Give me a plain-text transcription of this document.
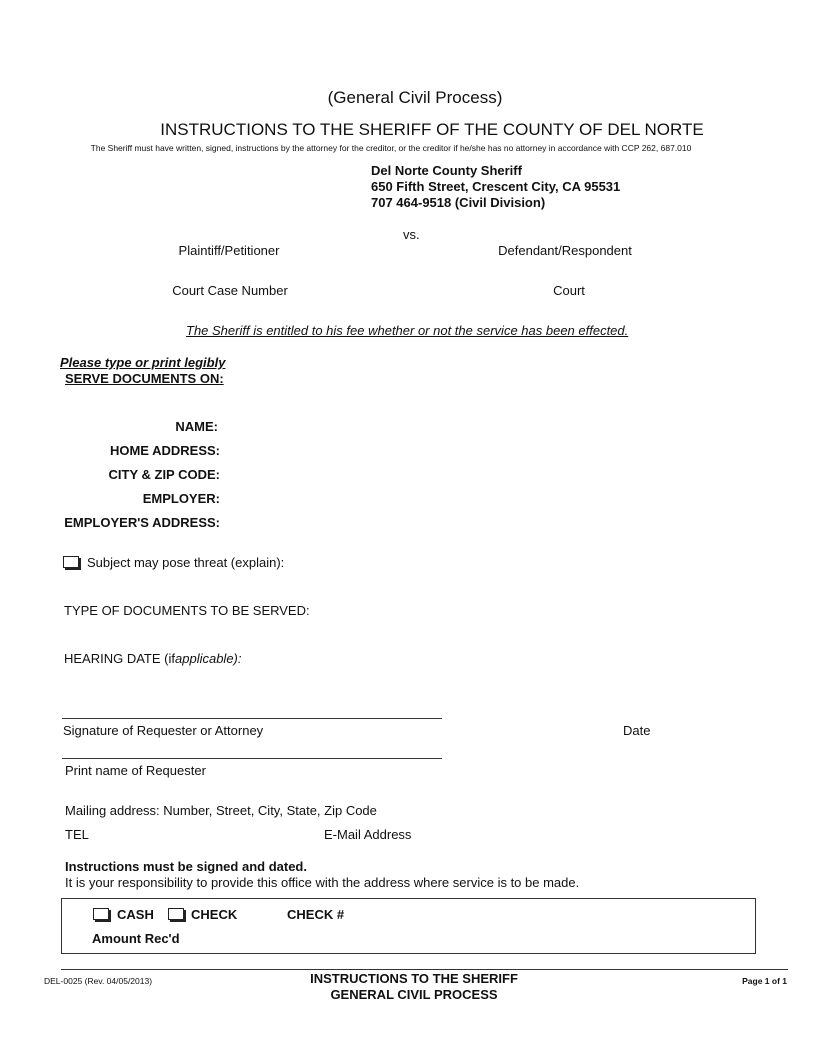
(General Civil Process)
INSTRUCTIONS TO THE SHERIFF OF THE COUNTY OF DEL NORTE
The Sheriff must have written, signed, instructions by the attorney for the creditor, or the creditor if he/she has no attorney in accordance with CCP 262, 687.010
Del Norte County Sheriff
650 Fifth Street, Crescent City, CA 95531
707 464-9518 (Civil Division)
vs.
Plaintiff/Petitioner	Defendant/Respondent
Court Case Number	Court
The Sheriff is entitled to his fee whether or not the service has been effected.
Please type or print legibly
SERVE DOCUMENTS ON:
NAME:
HOME ADDRESS:
CITY & ZIP CODE:
EMPLOYER:
EMPLOYER'S ADDRESS:
Subject may pose threat (explain):
TYPE OF DOCUMENTS TO BE SERVED:
HEARING DATE (ifapplicable):
Signature of Requester or Attorney	Date
Print name of Requester
Mailing address: Number, Street, City, State, Zip Code
TEL	E-Mail Address
Instructions must be signed and dated.
It is your responsibility to provide this office with the address where service is to be made.
CASH	CHECK	CHECK #
Amount Rec'd
DEL-0025 (Rev. 04/05/2013)	INSTRUCTIONS TO THE SHERIFF
GENERAL CIVIL PROCESS
Page 1 of 1
